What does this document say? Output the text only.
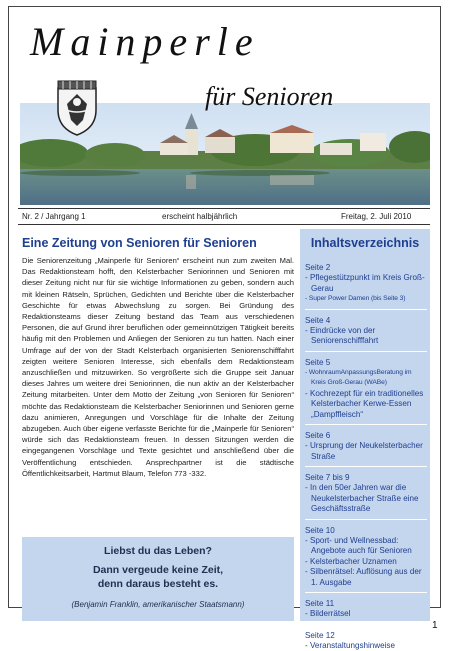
Mainperle
für Senioren
Nr. 2 / Jahrgang 1	erscheint halbjährlich	Freitag, 2. Juli 2010
Eine Zeitung von Senioren für Senioren
Die Seniorenzeitung „Mainperle für Senioren“ erscheint nun zum zweiten Mal. Das Redaktionsteam hofft, den Kelsterbacher Seniorinnen und Senioren mit dieser Zeitung nicht nur für sie wichtige Informationen zu geben, sondern auch mit kleinen Rätseln, Sprüchen, Gedichten und Berichte über die Kelsterbacher Geschichte für etwas Abwechslung zu sorgen. Bei Gründung des Redaktionsteams dieser Zeitung bestand das Team aus verschiedenen Personen, die auf Grund ihrer beruflichen oder gemeinnützigen Tätigkeit bereits häufig mit den Problemen und Anliegen der Senioren zu tun hatten. Nach einer Umfrage auf der von der Stadt Kelsterbach organisierten Seniorenschifffahrt zeigten weitere Senioren Interesse, sich ebenfalls dem Redaktionsteam anzuschließen und mitzuwirken. So vergrößerte sich die Gruppe seit Januar dieses Jahres um weitere drei Seniorinnen, die nun aktiv an der Kelsterbacher Zeitung mitarbeiten. Unter dem Motto der Zeitung „von Senioren für Senioren“ möchte das Redaktionsteam die Kelsterbacher Seniorinnen und Senioren gerne dazu animieren, Anregungen und Vorschläge für die Inhalte der Zeitung abzugeben. Auch über eigene verfasste Berichte für die „Mainperle für Senioren“ würde sich das Redaktionsteam freuen. In dessen Sitzungen werden die eingegangenen Vorschläge und Texte gesichtet und anschließend über die Veröffentlichung entschieden. Ansprechpartner ist die städtische Öffentlichkeitsarbeit, Hartmut Blaum, Telefon 773 -332.
Liebst du das Leben?
Dann vergeude keine Zeit,
denn daraus besteht es.
(Benjamin Franklin, amerikanischer Staatsmann)
Inhaltsverzeichnis
Seite 2
- Pflegestützpunkt im Kreis Groß-Gerau
- Super Power Damen (bis Seite 3)
Seite 4
- Eindrücke von der Seniorenschifffahrt
Seite 5
- WohnraumAnpassungsBeratung im Kreis Groß-Gerau (WABe)
- Kochrezept für ein traditionelles Kelsterbacher Kerwe-Essen „Dampffleisch“
Seite 6
- Ursprung der Neukelsterbacher Straße
Seite 7 bis 9
- In den 50er Jahren war die Neukelsterbacher Straße eine Geschäftsstraße
Seite 10
- Sport- und Wellnessbad: Angebote auch für Senioren
- Kelsterbacher Uznamen
- Silbenrätsel: Auflösung aus der 1. Ausgabe
Seite 11
- Bilderrätsel
Seite 12
- Veranstaltungshinweise
1
